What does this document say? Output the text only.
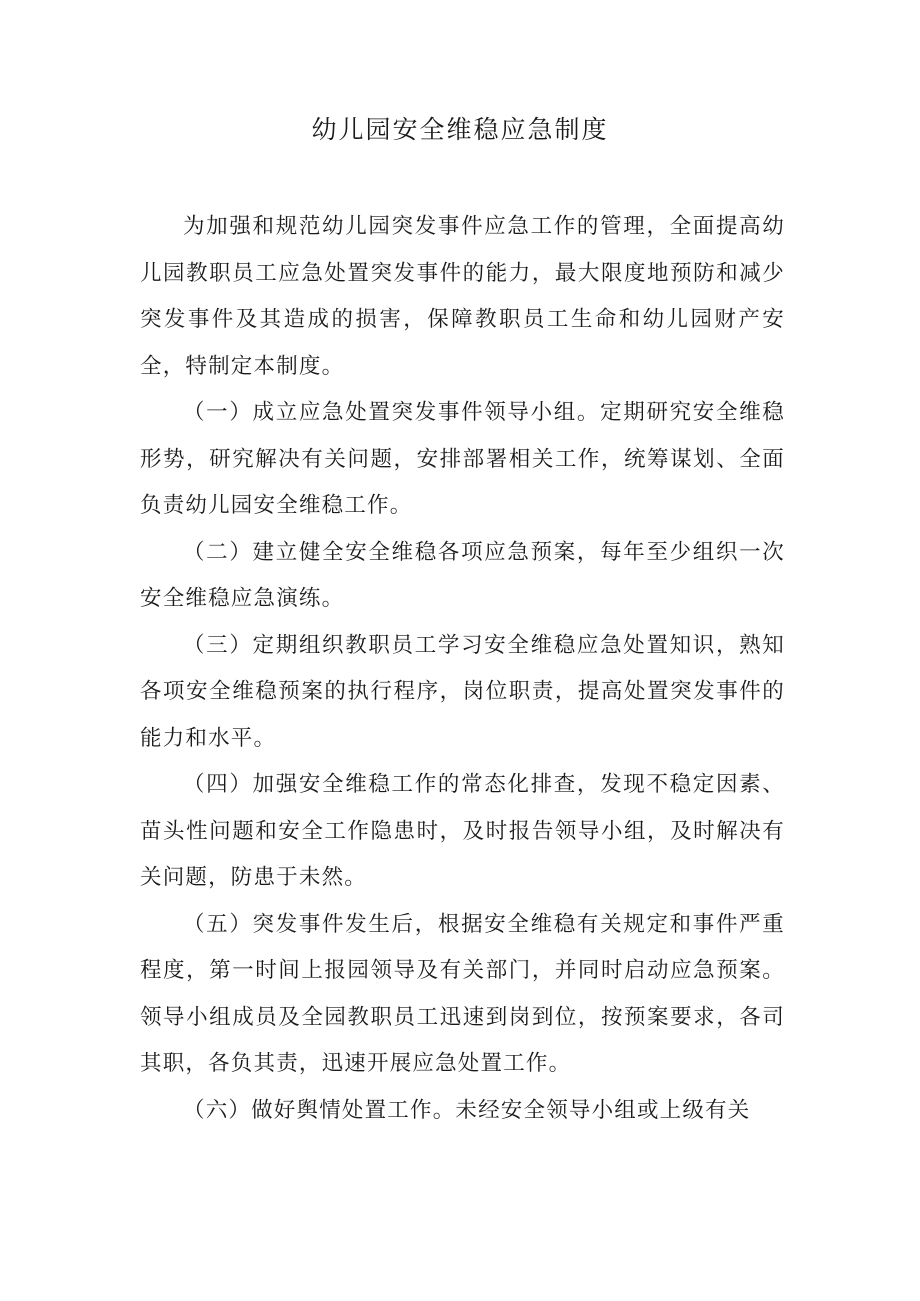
幼儿园安全维稳应急制度

为加强和规范幼儿园突发事件应急工作的管理，全面提高幼儿园教职员工应急处置突发事件的能力，最大限度地预防和减少突发事件及其造成的损害，保障教职员工生命和幼儿园财产安全，特制定本制度。

（一）成立应急处置突发事件领导小组。定期研究安全维稳形势，研究解决有关问题，安排部署相关工作，统筹谋划、全面负责幼儿园安全维稳工作。

（二）建立健全安全维稳各项应急预案，每年至少组织一次安全维稳应急演练。

（三）定期组织教职员工学习安全维稳应急处置知识，熟知各项安全维稳预案的执行程序，岗位职责，提高处置突发事件的能力和水平。

（四）加强安全维稳工作的常态化排查，发现不稳定因素、苗头性问题和安全工作隐患时，及时报告领导小组，及时解决有关问题，防患于未然。

（五）突发事件发生后，根据安全维稳有关规定和事件严重程度，第一时间上报园领导及有关部门，并同时启动应急预案。领导小组成员及全园教职员工迅速到岗到位，按预案要求，各司其职，各负其责，迅速开展应急处置工作。

（六）做好舆情处置工作。未经安全领导小组或上级有关
